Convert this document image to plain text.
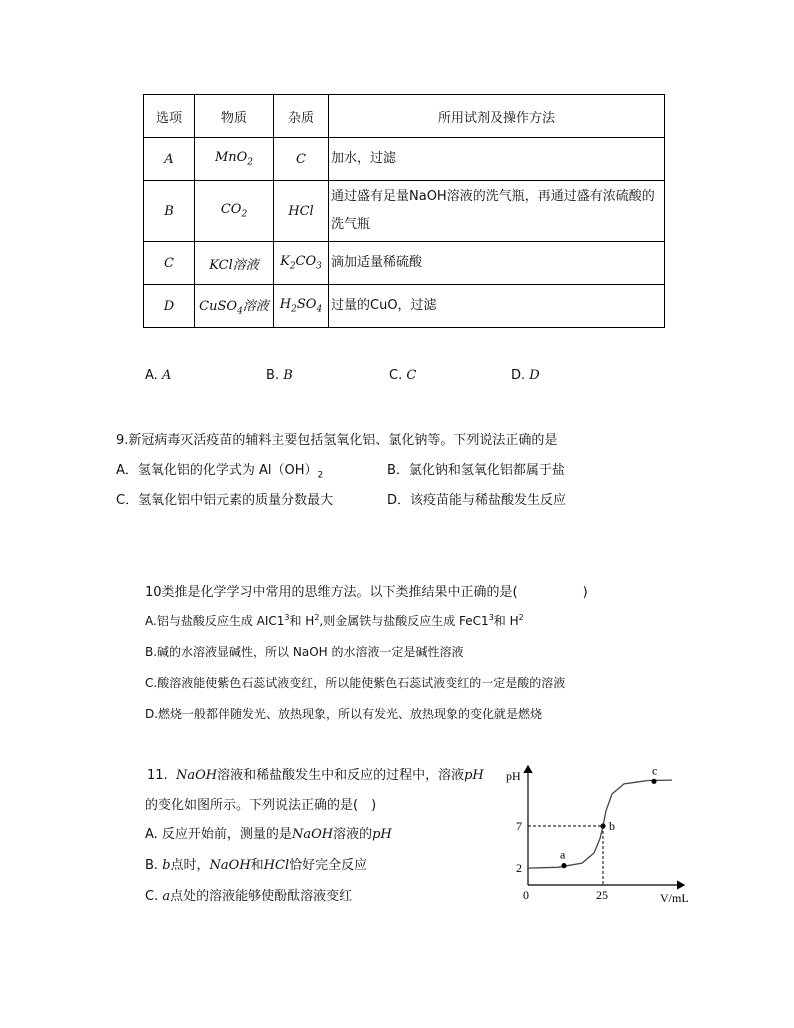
选项	物质	杂质	所用试剂及操作方法
A	MnO$_2$	C	加水，过滤
B	$CO_2$	HCl	通过盛有足量NaOH溶液的洗气瓶，再通过盛有浓硫酸的
洗气瓶

C	KCl溶液	$K_2CO_3$	滴加适量稀硫酸
D	CuSO$_4$溶液	$H_2SO_4$	过量的CuO，过滤
A. A	B. B	C. C	D. D
9.新冠病毒灭活疫苗的辅料主要包括氢氧化铝、氯化钠等。下列说法正确的是
A．氢氧化铝的化学式为 $Al(OH)_2$	B．氯化钠和氢氧化铝都属于盐
C．氢氧化铝中铝元素的质量分数最大	D．该疫苗能与稀盐酸发生反应
10类推是化学学习中常用的思维方法。以下类推结果中正确的是(　　　　　)
A.铝与盐酸反应生成 $AIC1^3$和 $H^2$,则金属铁与盐酸反应生成 $FeC1^3$和 $H^2$
B.碱的水溶液显碱性，所以 NaOH 的水溶液一定是碱性溶液
C.酸溶液能使紫色石蕊试液变红，所以能使紫色石蕊试液变红的一定是酸的溶液
D.燃烧一般都伴随发光、放热现象，所以有发光、放热现象的变化就是燃烧
11. NaOH溶液和稀盐酸发生中和反应的过程中，溶液pH
的变化如图所示。下列说法正确的是(　)
A. 反应开始前，测量的是NaOH溶液的pH
B. b点时，NaOH和HCl恰好完全反应
C. a点处的溶液能够使酚酞溶液变红
pH
V/mL
0
2
7
25
a
b
c
